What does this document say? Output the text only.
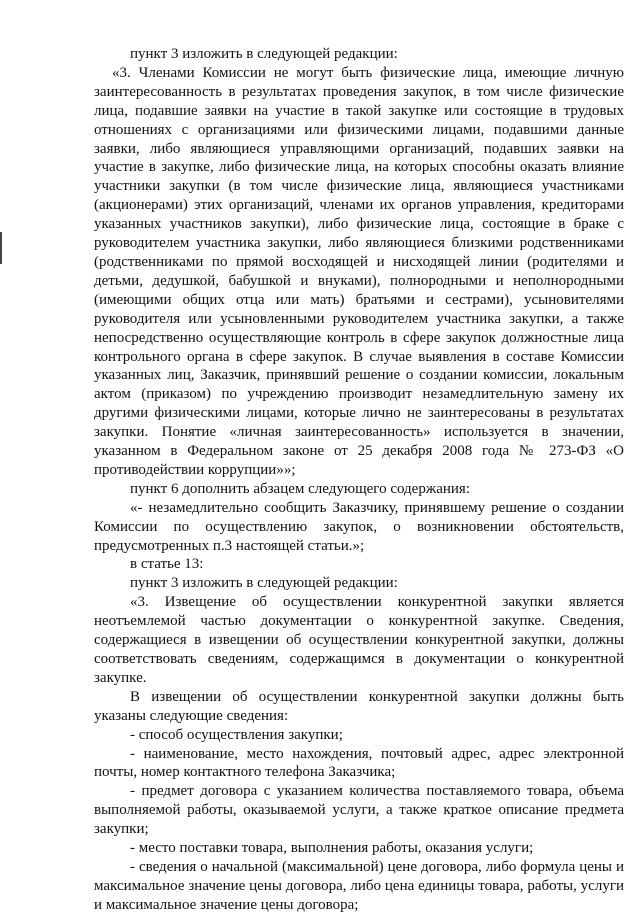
пункт 3 изложить в следующей редакции:

«3. Членами Комиссии не могут быть физические лица, имеющие личную заинтересованность в результатах проведения закупок, в том числе физические лица, подавшие заявки на участие в такой закупке или состоящие в трудовых отношениях с организациями или физическими лицами, подавшими данные заявки, либо являющиеся управляющими организаций, подавших заявки на участие в закупке, либо физические лица, на которых способны оказать влияние участники закупки (в том числе физические лица, являющиеся участниками (акционерами) этих организаций, членами их органов управления, кредиторами указанных участников закупки), либо физические лица, состоящие в браке с руководителем участника закупки, либо являющиеся близкими родственниками (родственниками по прямой восходящей и нисходящей линии (родителями и детьми, дедушкой, бабушкой и внуками), полнородными и неполнородными (имеющими общих отца или мать) братьями и сестрами), усыновителями руководителя или усыновленными руководителем участника закупки, а также непосредственно осуществляющие контроль в сфере закупок должностные лица контрольного органа в сфере закупок. В случае выявления в составе Комиссии указанных лиц, Заказчик, принявший решение о создании комиссии, локальным актом (приказом) по учреждению производит незамедлительную замену их другими физическими лицами, которые лично не заинтересованы в результатах закупки. Понятие «личная заинтересованность» используется в значении, указанном в Федеральном законе от 25 декабря 2008 года № 273-ФЗ «О противодействии коррупции»»;

пункт 6 дополнить абзацем следующего содержания:

«- незамедлительно сообщить Заказчику, принявшему решение о создании Комиссии по осуществлению закупок, о возникновении обстоятельств, предусмотренных п.3 настоящей статьи.»;

в статье 13:

пункт 3 изложить в следующей редакции:

«3. Извещение об осуществлении конкурентной закупки является неотъемлемой частью документации о конкурентной закупке. Сведения, содержащиеся в извещении об осуществлении конкурентной закупки, должны соответствовать сведениям, содержащимся в документации о конкурентной закупке.

В извещении об осуществлении конкурентной закупки должны быть указаны следующие сведения:

- способ осуществления закупки;

- наименование, место нахождения, почтовый адрес, адрес электронной почты, номер контактного телефона Заказчика;

- предмет договора с указанием количества поставляемого товара, объема выполняемой работы, оказываемой услуги, а также краткое описание предмета закупки;

- место поставки товара, выполнения работы, оказания услуги;

- сведения о начальной (максимальной) цене договора, либо формула цены и максимальное значение цены договора, либо цена единицы товара, работы, услуги и максимальное значение цены договора;
